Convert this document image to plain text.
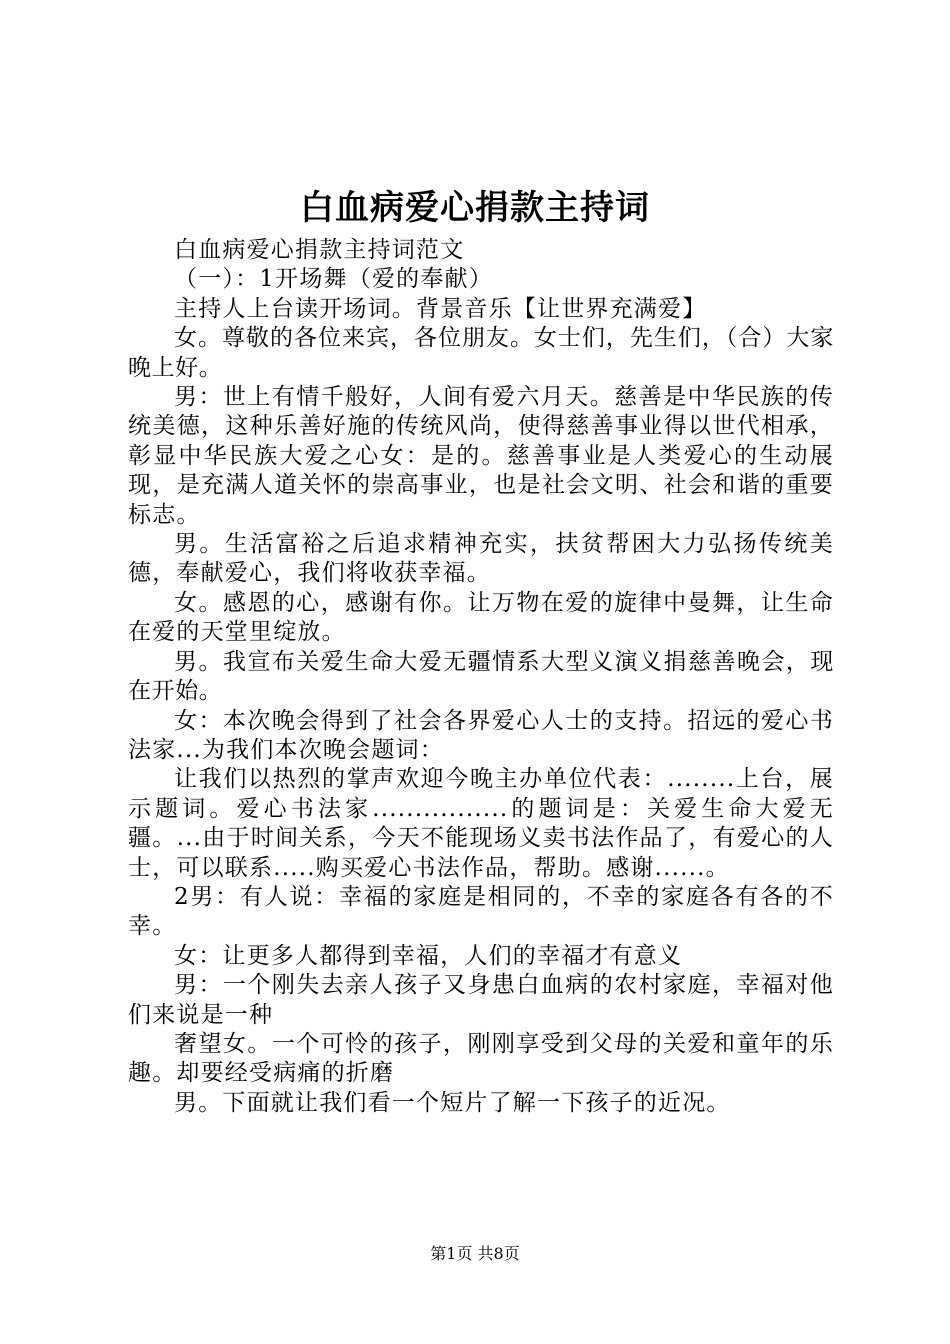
白血病爱心捐款主持词

白血病爱心捐款主持词范文

（一）：1开场舞（爱的奉献）

主持人上台读开场词。背景音乐【让世界充满爱】

女。尊敬的各位来宾，各位朋友。女士们，先生们，（合）大家晚上好。

男：世上有情千般好，人间有爱六月天。慈善是中华民族的传统美德，这种乐善好施的传统风尚，使得慈善事业得以世代相承，彰显中华民族大爱之心女：是的。慈善事业是人类爱心的生动展现，是充满人道关怀的崇高事业，也是社会文明、社会和谐的重要标志。

男。生活富裕之后追求精神充实，扶贫帮困大力弘扬传统美德，奉献爱心，我们将收获幸福。

女。感恩的心，感谢有你。让万物在爱的旋律中曼舞，让生命在爱的天堂里绽放。

男。我宣布关爱生命大爱无疆情系大型义演义捐慈善晚会，现在开始。

女：本次晚会得到了社会各界爱心人士的支持。招远的爱心书法家...为我们本次晚会题词：

让我们以热烈的掌声欢迎今晚主办单位代表：........上台，展示题词。爱心书法家................的题词是：关爱生命大爱无疆。...由于时间关系，今天不能现场义卖书法作品了，有爱心的人士，可以联系.....购买爱心书法作品，帮助。感谢......。

2男：有人说：幸福的家庭是相同的，不幸的家庭各有各的不幸。

女：让更多人都得到幸福，人们的幸福才有意义

男：一个刚失去亲人孩子又身患白血病的农村家庭，幸福对他们来说是一种

奢望女。一个可怜的孩子，刚刚享受到父母的关爱和童年的乐趣。却要经受病痛的折磨

男。下面就让我们看一个短片了解一下孩子的近况。

第1页 共8页
